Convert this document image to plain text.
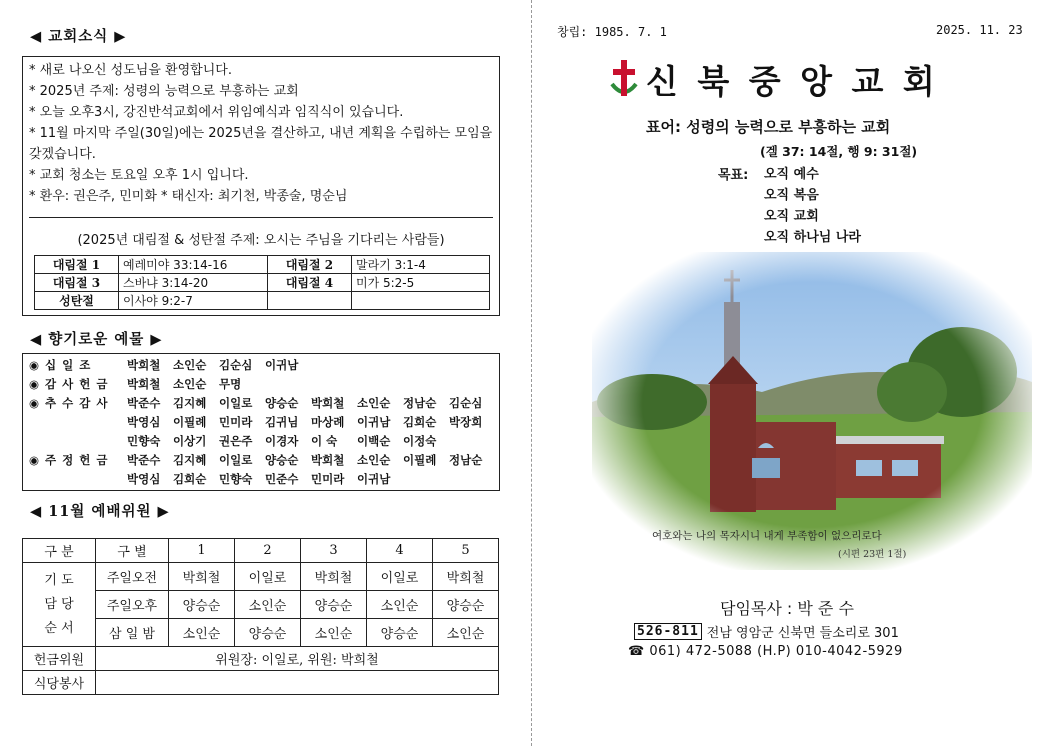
◀ 교회소식 ▶
* 새로 나오신 성도님을 환영합니다.
* 2025년 주제: 성령의 능력으로 부흥하는 교회
* 오늘 오후3시, 강진반석교회에서 위임예식과 임직식이 있습니다.
* 11월 마지막 주일(30일)에는 2025년을 결산하고, 내년 계획을 수립하는 모임을 갖겠습니다.
* 교회 청소는 토요일 오후 1시 입니다.
* 환우: 권은주, 민미화 * 태신자: 최기천, 박종술, 명순님
(2025년 대림절 & 성탄절 주제: 오시는 주님을 기다리는 사람들)
대림절 1	예레미야 33:14-16	대림절 2	말라기 3:1-4
대림절 3	스바냐 3:14-20	대림절 4	미가 5:2-5
성탄절	이사야 9:2-7		
◀ 향기로운 예물 ▶
◉ 십 일 조	박희철	소인순	김순심	이귀남
◉ 감 사 헌 금	박희철	소인순	무명
◉ 추 수 감 사	박준수	김지혜	이일로	양승순	박희철	소인순	정남순	김순심
박영심	이필례	민미라	김귀님	마상례	이귀남	김희순	박장희
민향숙	이상기	권은주	이경자	이 숙	이백순	이정숙
◉ 주 정 헌 금	박준수	김지혜	이일로	양승순	박희철	소인순	이필례	정남순
박영심	김희순	민향숙	민준수	민미라	이귀남
◀ 11월 예배위원 ▶
구 분	구 별	1	2	3	4	5

기 도
담 당
순 서	주일오전	박희철	이일로	박희철	이일로	박희철
	주일오후	양승순	소인순	양승순	소인순	양승순
	삼 일 밤	소인순	양승순	소인순	양승순	소인순
헌금위원	위원장: 이일로, 위원: 박희철					
식당봉사						
창립: 1985. 7. 1	2025. 11. 23
신 북 중 앙 교 회
표어: 성령의 능력으로 부흥하는 교회
(겔 37: 14절, 행 9: 31절)
목표: 오직 예수
오직 복음
오직 교회
오직 하나님 나라
여호와는 나의 목자시니 내게 부족함이 없으리로다
(시편 23편 1절)
담임목사 : 박 준 수
526-811 전남 영암군 신북면 들소리로 301
☎ 061) 472-5088 (H.P) 010-4042-5929
